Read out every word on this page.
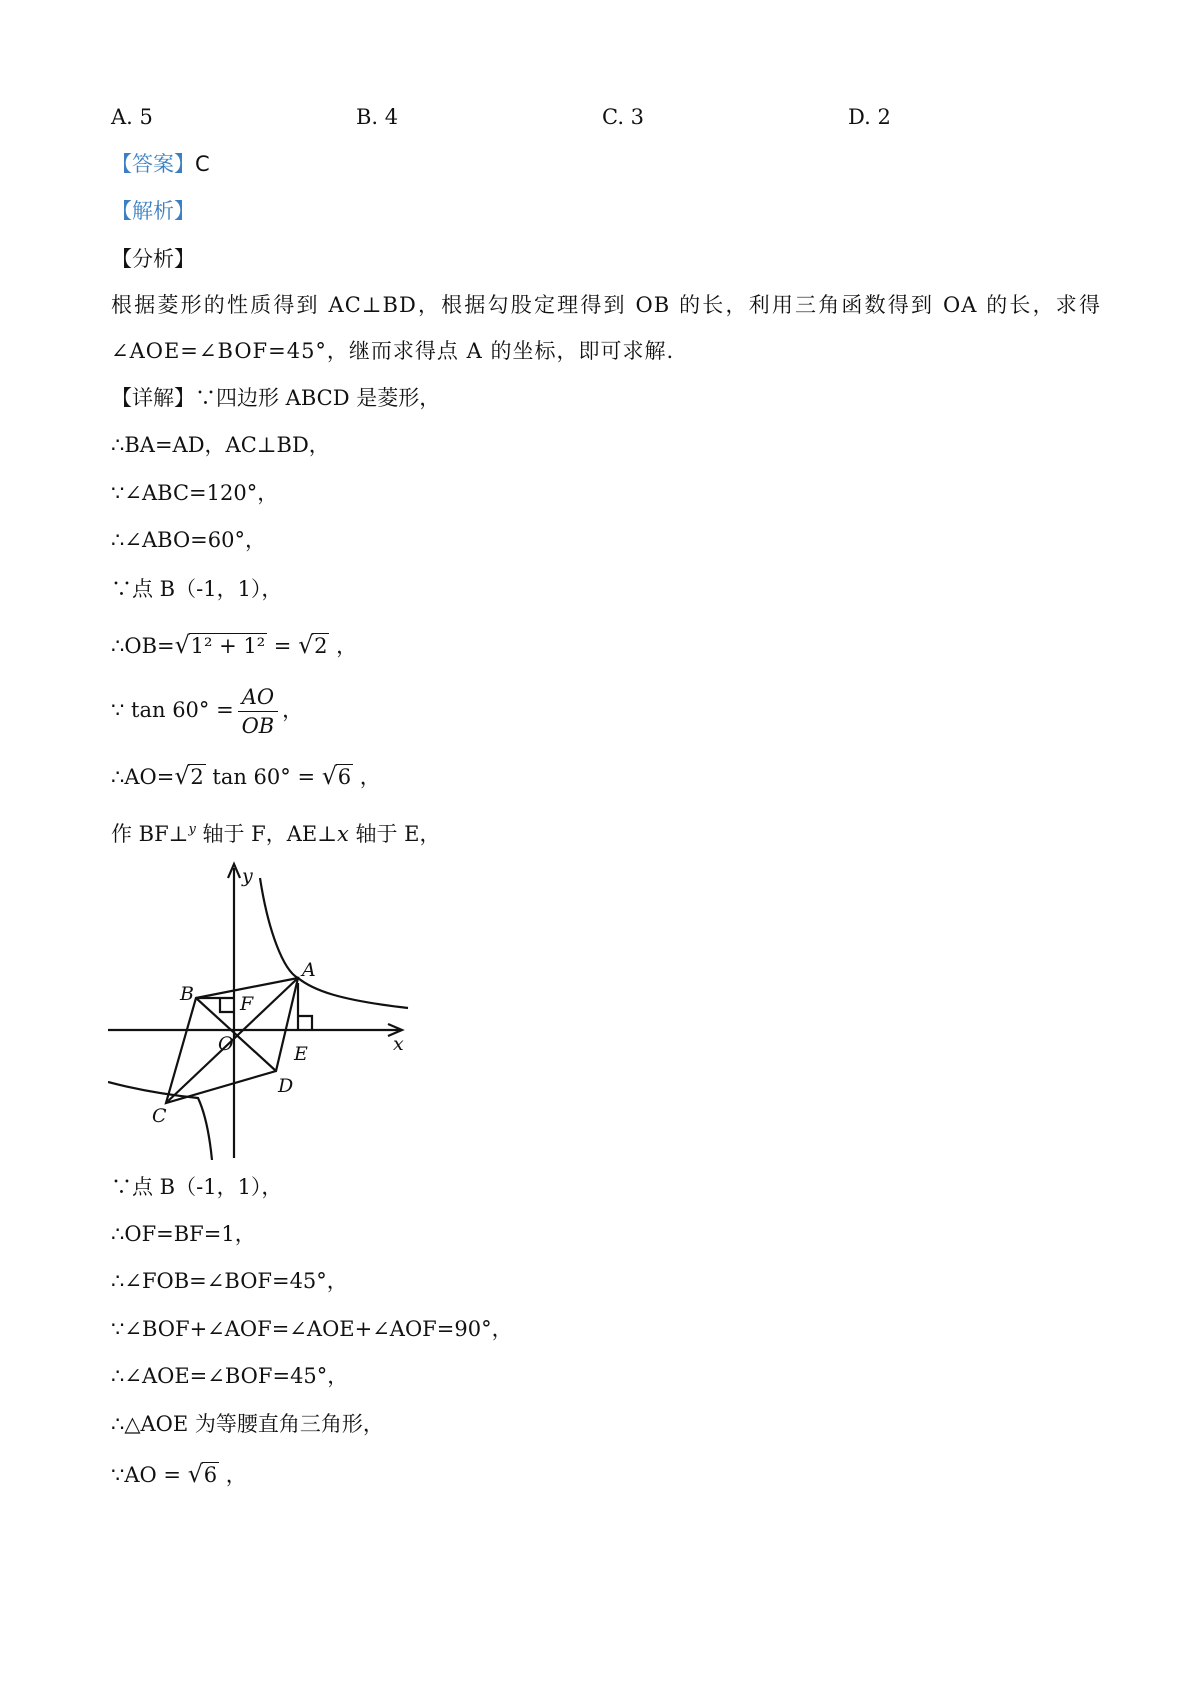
A. 5	B. 4	C. 3	D. 2
【答案】C
【解析】
【分析】
根据菱形的性质得到 AC⊥BD，根据勾股定理得到 OB 的长，利用三角函数得到 OA 的长，求得∠AOE=∠BOF=45°，继而求得点 A 的坐标，即可求解.
【详解】∵四边形 ABCD 是菱形，
∴BA=AD，AC⊥BD，
∵∠ABC=120°，
∴∠ABO=60°，
∵点 B（-1，1），
∴OB= √ 1² + 1² = √ 2 ，
∵ $\tan 60^\circ = \frac{AO}{OB}$ ，
∴AO= √ 2 tan 60° = √ 6 ，
作 BF⊥$^y$ 轴于 F，AE⊥x 轴于 E，
y
x
A
B
C
D
E
F
O
∵点 B（-1，1），
∴OF=BF=1，
∴∠FOB=∠BOF=45°，
∵∠BOF+∠AOF=∠AOE+∠AOF=90°，
∴∠AOE=∠BOF=45°，
∴△AOE 为等腰直角三角形，
∵AO = √ 6 ，
